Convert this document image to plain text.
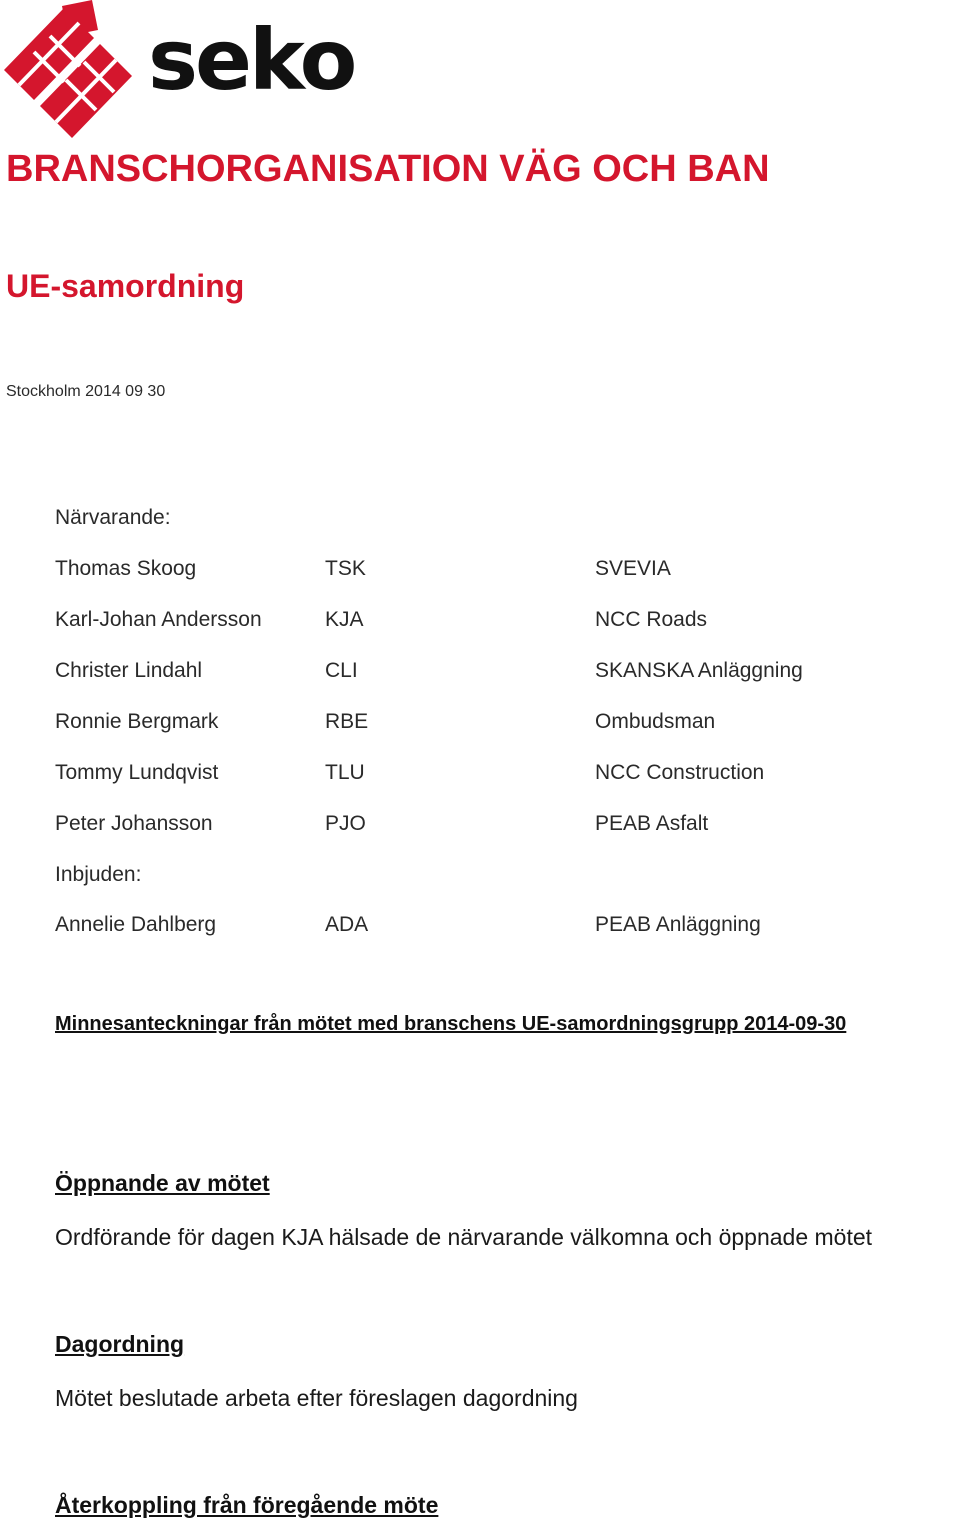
seko
BRANSCHORGANISATION VÄG OCH BAN
UE-samordning
Stockholm 2014 09 30
Närvarande:
Thomas Skoog	TSK	SVEVIA
Karl-Johan Andersson	KJA	NCC Roads
Christer Lindahl	CLI	SKANSKA Anläggning
Ronnie Bergmark	RBE	Ombudsman
Tommy Lundqvist	TLU	NCC Construction
Peter Johansson	PJO	PEAB Asfalt
Inbjuden:
Annelie Dahlberg	ADA	PEAB Anläggning
Minnesanteckningar från mötet med branschens UE-samordningsgrupp 2014-09-30
Öppnande av mötet
Ordförande för dagen KJA hälsade de närvarande välkomna och öppnade mötet
Dagordning
Mötet beslutade arbeta efter föreslagen dagordning
Återkoppling från föregående möte
